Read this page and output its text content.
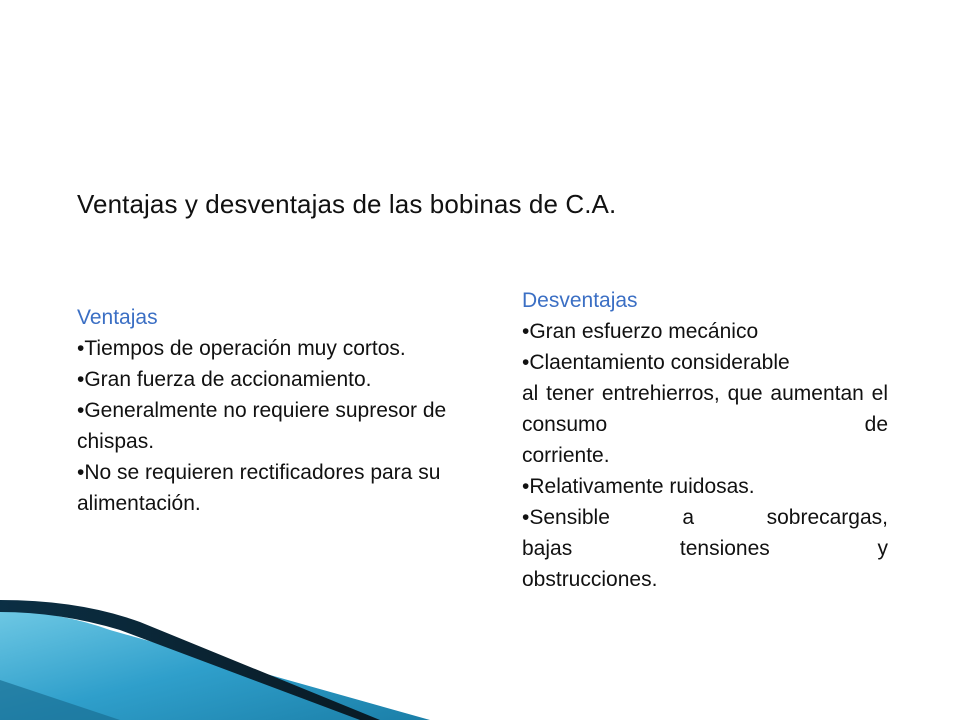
Ventajas y desventajas de las bobinas de C.A.
Ventajas
•Tiempos de operación muy cortos.
•Gran fuerza de accionamiento.
•Generalmente no requiere supresor de chispas.
•No se requieren rectificadores para su alimentación.
Desventajas
•Gran esfuerzo mecánico
•Claentamiento considerable
al tener entrehierros, que aumentan el consumo de
corriente.
•Relativamente ruidosas.
•Sensible a sobrecargas,
bajas tensiones y
obstrucciones.
